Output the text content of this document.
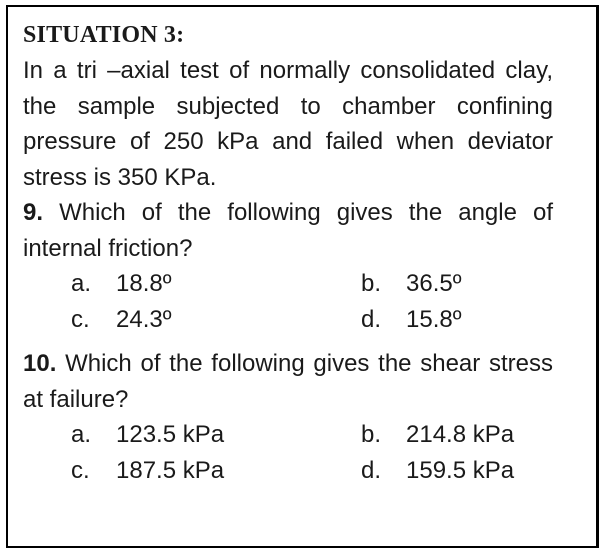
SITUATION 3:
In a tri –axial test of normally consolidated clay, the sample subjected to chamber confining pressure of 250 kPa and failed when deviator stress is 350 KPa.
9. Which of the following gives the angle of internal friction?
a. 18.8º	b. 36.5º
c. 24.3º	d. 15.8º
10. Which of the following gives the shear stress at failure?
a. 123.5 kPa	b. 214.8 kPa
c. 187.5 kPa	d. 159.5 kPa
